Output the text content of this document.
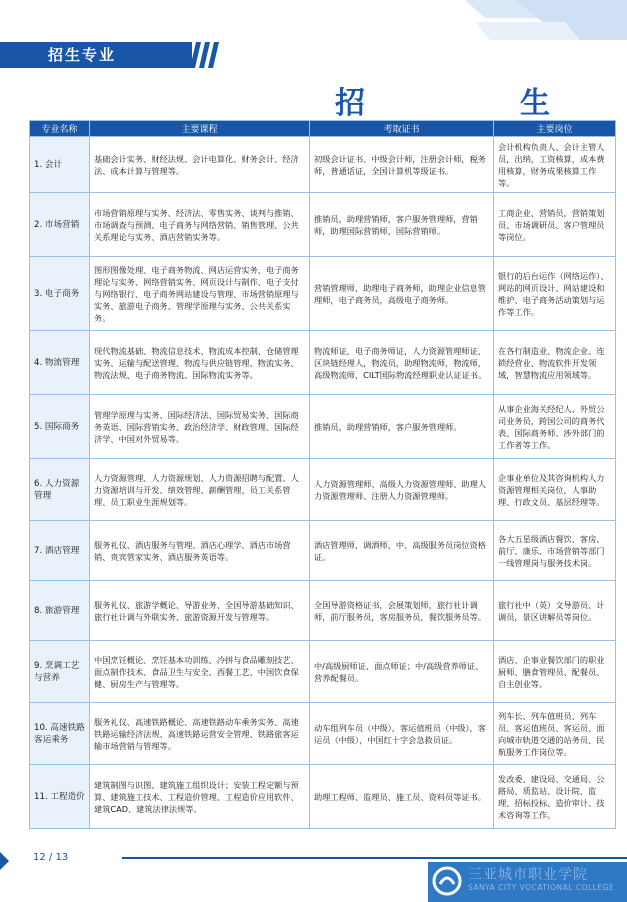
招生专业
招	生
专业名称	主要课程	考取证书	主要岗位
1. 会计	基础会计实务、财经法规、会计电算化、财务会计、经济法、成本计算与管理等。	初级会计证书、中级会计师，注册会计师，税务师，普通话证，全国计算机等级证书。	会计机构负责人、会计主管人员，出纳，工资核算，成本费用核算，财务成果核算工作等。
2. 市场营销	市场营销原理与实务、经济法、零售实务、谈判与推销、市场调查与预测、电子商务与网络营销、销售管理、公共关系理论与实务、酒店营销实务等。	推销员，助理营销师，客户服务管理师，营销师，助理国际营销师，国际营销师。	工商企业、营销员，营销策划员、市场调研员、客户管理员等岗位。
3. 电子商务	图形图像处理、电子商务物流、网店运营实务、电子商务理论与实务、网络营销实务、网页设计与制作、电子支付与网络银行、电子商务网站建设与管理、市场营销原理与实务、旅游电子商务、管理学原理与实务、公共关系实务。	营销管理师，助理电子商务师，助理企业信息管理师，电子商务员，高级电子商务师。	银行的后台运作（网络运作）、网站的网页设计、网站建设和维护、电子商务活动策划与运作等工作。
4. 物流管理	现代物流基础、物流信息技术、物流成本控制、仓储管理实务、运输与配送管理、物流与供应链管理、物流实务、物流法规、电子商务物流、国际物流实务等。	物流师证，电子商务师证，人力资源管理师证，区块链经理人，物流员，助理物流师，物流师，高级物流师，CILT国际物流经理职业认证证书。	在各行制造业、物流企业、连锁经营业、物流软件开发领域，智慧物流应用领域等。
5. 国际商务	管理学原理与实务、国际经济法、国际贸易实务、国际商务英语、国际营销实务、政治经济学、财政管理、国际经济学、中国对外贸易等。	推销员，助理营销师，客户服务管理师。	从事企业海关经纪人、外贸公司业务员，跨国公司的商务代表、国际商务师、涉外部门的工作者等工作。
6. 人力资源管理	人力资源管理、人力资源规划、人力资源招聘与配置、人力资源培训与开发、绩效管理、薪酬管理、员工关系管理、员工职业生涯规划等。	人力资源管理师、高级人力资源管理师、助理人力资源管理师、注册人力资源管理师。	企事业单位及其咨询机构人力资源管理相关岗位，人事助理、行政文员、基层经理等。
7. 酒店管理	服务礼仪、酒店服务与管理、酒店心理学、酒店市场营销、贵宾管家实务、酒店服务英语等。	酒店管理师，调酒师，中、高级服务员岗位资格证。	各大五星级酒店餐饮、客房、前厅、康乐、市场营销等部门一线管理岗与服务技术岗。
8. 旅游管理	服务礼仪、旅游学概论、导游业务、全国导游基础知识、旅行社计调与外联实务、旅游资源开发与管理等。	全国导游资格证书，会展策划师，旅行社计调师，前厅服务员，客房服务员，餐饮服务员等。	旅行社中（英）文导游员、计调员，景区讲解员等岗位。
9. 烹调工艺与营养	中国烹饪概论、烹饪基本功训练、冷拼与食品雕刻技艺、面点制作技术、食品卫生与安全、西餐工艺、中国饮食保健、厨房生产与管理等。	中/高级厨师证、面点师证；中/高级营养师证、营养配餐员。	酒店、企事业餐饮部门的职业厨师、膳食管理员、配餐员、自主创业等。
10. 高速铁路客运乘务	服务礼仪、高速铁路概论、高速铁路动车乘务实务、高速铁路运输经济法规、高速铁路运营安全管理、铁路旅客运输市场营销与管理等。	动车组列车员（中级），客运值班员（中级），客运员（中级），中国红十字会急救员证。	列车长、列车值班员、列车员、客运值班员、客运员、面向城市轨道交通的站务员、民航服务工作岗位等。
11. 工程造价	建筑制图与识图、建筑施工组织设计；安装工程定额与预算、建筑施工技术、工程造价管理、工程造价应用软件、建筑CAD、建筑法律法规等。	助理工程师、监理员、施工员、资料员等证书。	发改委、建设局、交通局、公路局、质监站、设计院、监理、招标投标、造价审计、技术咨询等工作。
12 / 13
三亚城市职业学院
SANYA CITY VOCATIONAL COLLEGE
